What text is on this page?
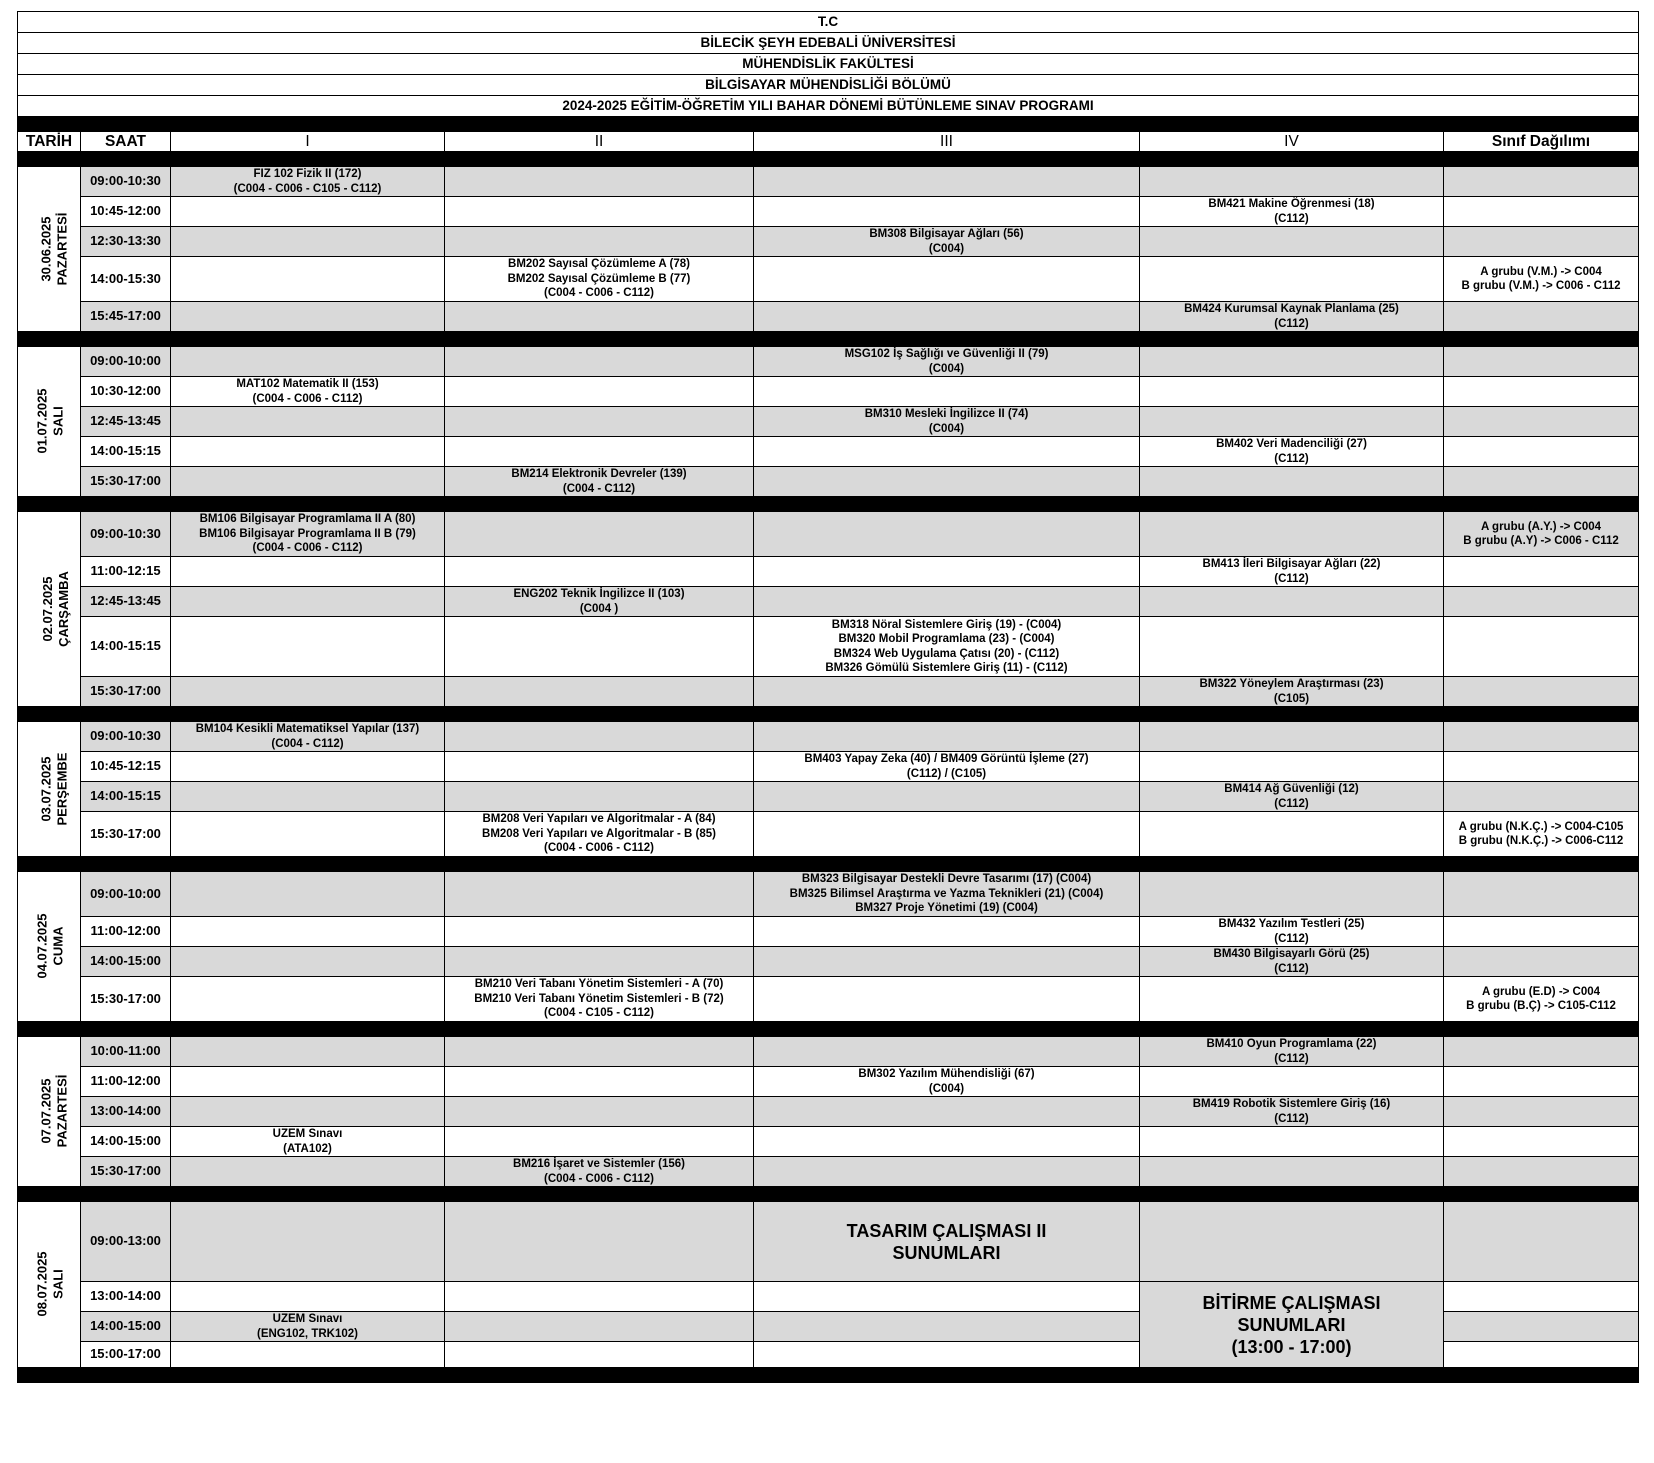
T.C						
BİLECİK ŞEYH EDEBALİ ÜNİVERSİTESİ						
MÜHENDİSLİK FAKÜLTESİ						
BİLGİSAYAR MÜHENDİSLİĞİ BÖLÜMÜ						
2024-2025 EĞİTİM-ÖĞRETİM YILI BAHAR DÖNEMİ BÜTÜNLEME SINAV PROGRAMI						

TARİH	SAAT	I	II	III	IV	Sınıf Dağılımı

30.06.2025 PAZARTESİ	09:00-10:30	FIZ 102 Fizik II (172)
(C004 - C006 - C105 - C112)				

	10:45-12:00				BM421 Makine Öğrenmesi (18)
(C112)	

	12:30-13:30			BM308 Bilgisayar Ağları (56)
(C004)		

	14:00-15:30		BM202 Sayısal Çözümleme A (78)
BM202 Sayısal Çözümleme B (77)
(C004 - C006 - C112)			A grubu (V.M.) -> C004
B grubu (V.M.) -> C006 - C112

	15:45-17:00				BM424 Kurumsal Kaynak Planlama (25)
(C112)	

01.07.2025 SALI	09:00-10:00			MSG102 İş Sağlığı ve Güvenliği II (79)
(C004)		

	10:30-12:00	MAT102 Matematik II (153)
(C004 - C006 - C112)				

	12:45-13:45			BM310 Mesleki İngilizce II (74)
(C004)		

	14:00-15:15				BM402 Veri Madenciliği (27)
(C112)	

	15:30-17:00		BM214 Elektronik Devreler (139)
(C004 - C112)			

02.07.2025 ÇARŞAMBA	09:00-10:30	BM106 Bilgisayar Programlama II A (80)
BM106 Bilgisayar Programlama II B (79)
(C004 - C006 - C112)				A grubu (A.Y.) -> C004
B grubu (A.Y) -> C006 - C112

	11:00-12:15				BM413 İleri Bilgisayar Ağları (22)
(C112)	

	12:45-13:45		ENG202 Teknik İngilizce II (103)
(C004 )			

	14:00-15:15			BM318 Nöral Sistemlere Giriş (19) - (C004)
BM320 Mobil Programlama (23) - (C004)
BM324 Web Uygulama Çatısı (20) - (C112)
BM326 Gömülü Sistemlere Giriş (11) - (C112)		

	15:30-17:00				BM322 Yöneylem Araştırması (23)
(C105)	

03.07.2025 PERŞEMBE	09:00-10:30	BM104 Kesikli Matematiksel Yapılar (137)
(C004 - C112)				

	10:45-12:15			BM403 Yapay Zeka (40) / BM409 Görüntü İşleme (27)
(C112) / (C105)		

	14:00-15:15				BM414 Ağ Güvenliği (12)
(C112)	

	15:30-17:00		BM208 Veri Yapıları ve Algoritmalar - A (84)
BM208 Veri Yapıları ve Algoritmalar - B (85)
(C004 - C006 - C112)			A grubu (N.K.Ç.) -> C004-C105
B grubu (N.K.Ç.) -> C006-C112

04.07.2025 CUMA	09:00-10:00			BM323 Bilgisayar Destekli Devre Tasarımı (17) (C004)
BM325 Bilimsel Araştırma ve Yazma Teknikleri (21) (C004)
BM327 Proje Yönetimi (19) (C004)		

	11:00-12:00				BM432 Yazılım Testleri (25)
(C112)	

	14:00-15:00				BM430 Bilgisayarlı Görü (25)
(C112)	

	15:30-17:00		BM210 Veri Tabanı Yönetim Sistemleri - A (70)
BM210 Veri Tabanı Yönetim Sistemleri - B (72)
(C004 - C105 - C112)			A grubu (E.D) -> C004
B grubu (B.Ç) -> C105-C112

07.07.2025 PAZARTESİ	10:00-11:00				BM410 Oyun Programlama (22)
(C112)	

	11:00-12:00			BM302 Yazılım Mühendisliği (67)
(C004)		

	13:00-14:00				BM419 Robotik Sistemlere Giriş (16)
(C112)	

	14:00-15:00	UZEM Sınavı
(ATA102)				

	15:30-17:00		BM216 İşaret ve Sistemler (156)
(C004 - C006 - C112)			

08.07.2025 SALI	09:00-13:00			TASARIM ÇALIŞMASI II
SUNUMLARI		

	13:00-14:00				BİTİRME ÇALIŞMASI
SUNUMLARI
(13:00 - 17:00)	

	14:00-15:00	UZEM Sınavı
(ENG102, TRK102)				

	15:00-17:00					
